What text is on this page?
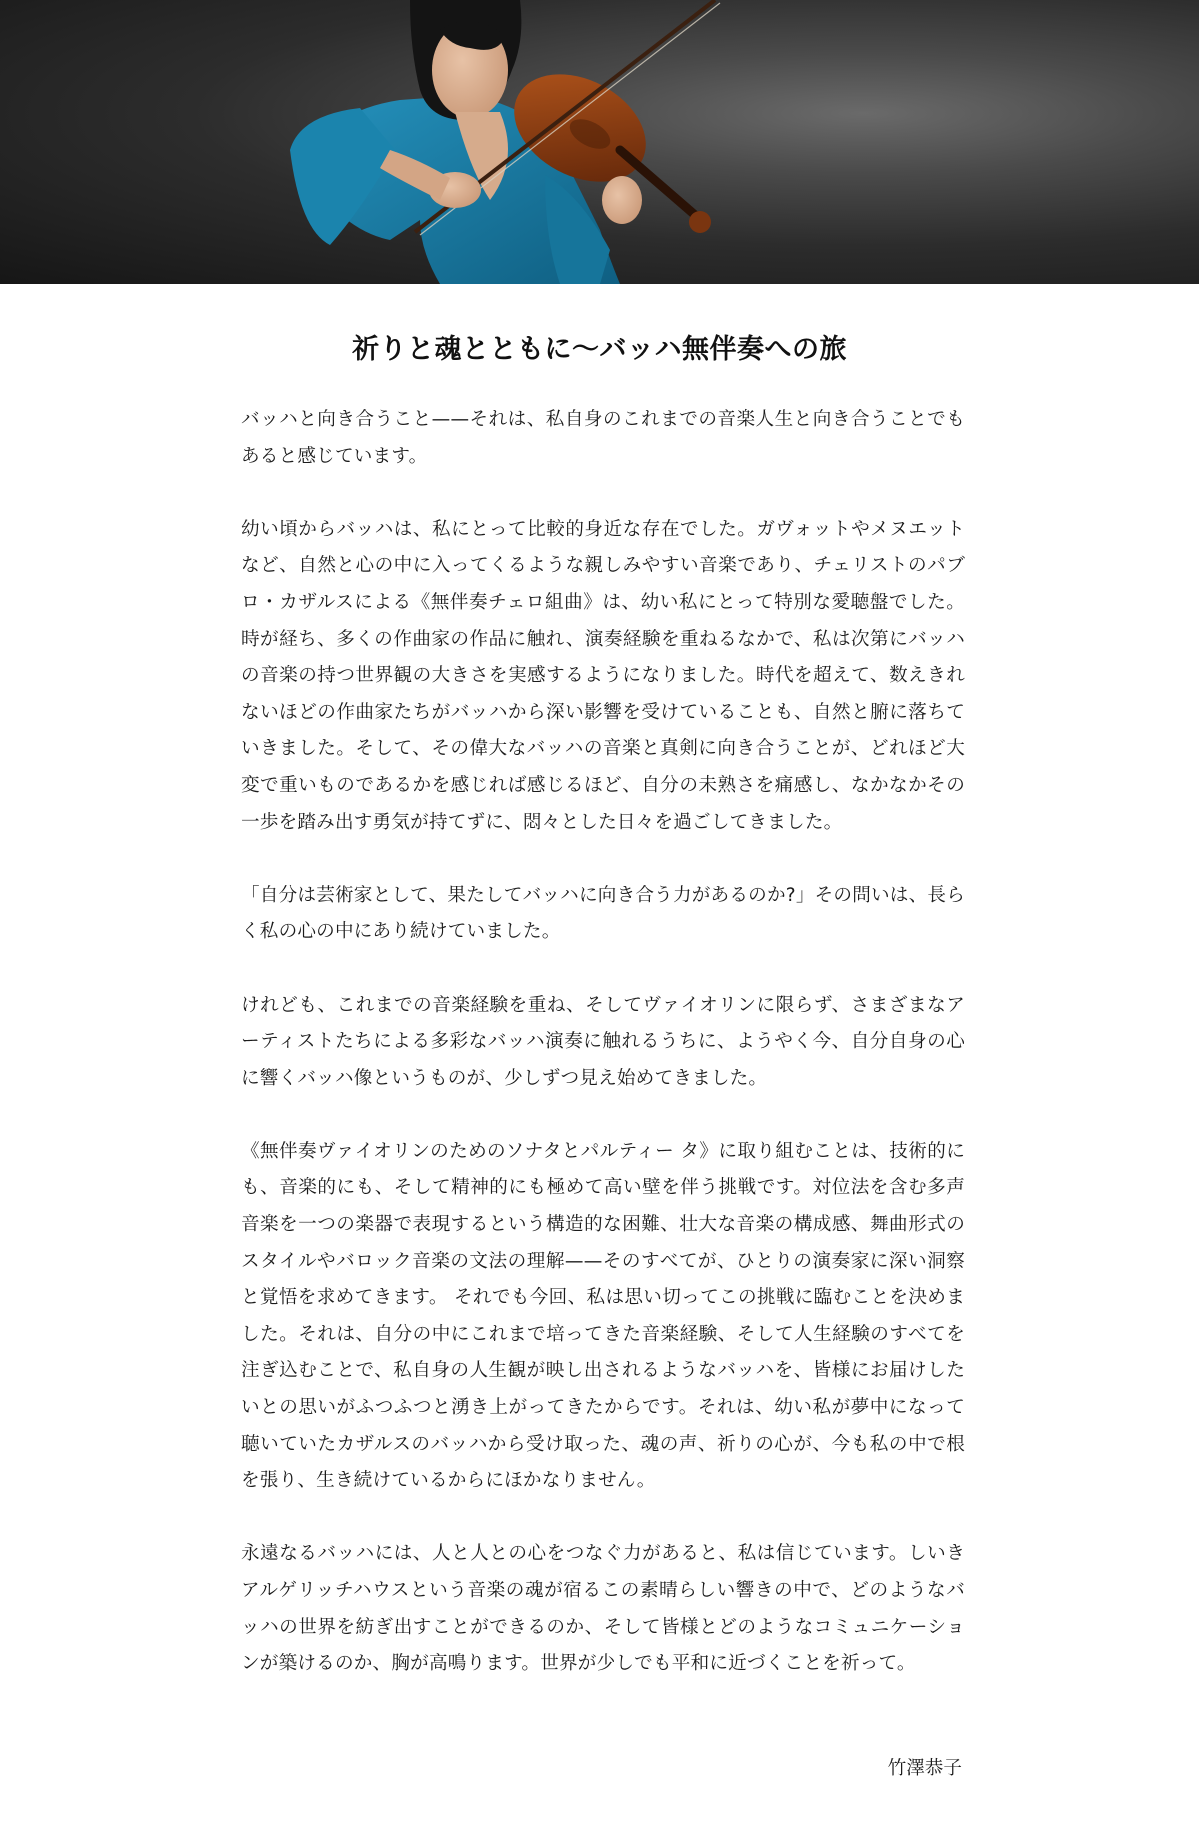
祈りと魂とともに〜バッハ無伴奏への旅

バッハと向き合うこと——それは、私自身のこれまでの音楽人生と向き合うことでもあると感じています。

幼い頃からバッハは、私にとって比較的身近な存在でした。ガヴォットやメヌエットなど、自然と心の中に入ってくるような親しみやすい音楽であり、チェリストのパブロ・カザルスによる《無伴奏チェロ組曲》は、幼い私にとって特別な愛聴盤でした。時が経ち、多くの作曲家の作品に触れ、演奏経験を重ねるなかで、私は次第にバッハの音楽の持つ世界観の大きさを実感するようになりました。時代を超えて、数えきれないほどの作曲家たちがバッハから深い影響を受けていることも、自然と腑に落ちていきました。そして、その偉大なバッハの音楽と真剣に向き合うことが、どれほど大変で重いものであるかを感じれば感じるほど、自分の未熟さを痛感し、なかなかその一歩を踏み出す勇気が持てずに、悶々とした日々を過ごしてきました。

「自分は芸術家として、果たしてバッハに向き合う力があるのか?」その問いは、長らく私の心の中にあり続けていました。

けれども、これまでの音楽経験を重ね、そしてヴァイオリンに限らず、さまざまなアーティストたちによる多彩なバッハ演奏に触れるうちに、ようやく今、自分自身の心に響くバッハ像というものが、少しずつ見え始めてきました。

《無伴奏ヴァイオリンのためのソナタとパルティー タ》に取り組むことは、技術的にも、音楽的にも、そして精神的にも極めて高い壁を伴う挑戦です。対位法を含む多声音楽を一つの楽器で表現するという構造的な困難、壮大な音楽の構成感、舞曲形式のスタイルやバロック音楽の文法の理解——そのすべてが、ひとりの演奏家に深い洞察と覚悟を求めてきます。 それでも今回、私は思い切ってこの挑戦に臨むことを決めました。それは、自分の中にこれまで培ってきた音楽経験、そして人生経験のすべてを注ぎ込むことで、私自身の人生観が映し出されるようなバッハを、皆様にお届けしたいとの思いがふつふつと湧き上がってきたからです。それは、幼い私が夢中になって聴いていたカザルスのバッハから受け取った、魂の声、祈りの心が、今も私の中で根を張り、生き続けているからにほかなりません。

永遠なるバッハには、人と人との心をつなぐ力があると、私は信じています。しいきアルゲリッチハウスという音楽の魂が宿るこの素晴らしい響きの中で、どのようなバッハの世界を紡ぎ出すことができるのか、そして皆様とどのようなコミュニケーションが築けるのか、胸が高鳴ります。世界が少しでも平和に近づくことを祈って。

竹澤恭子
